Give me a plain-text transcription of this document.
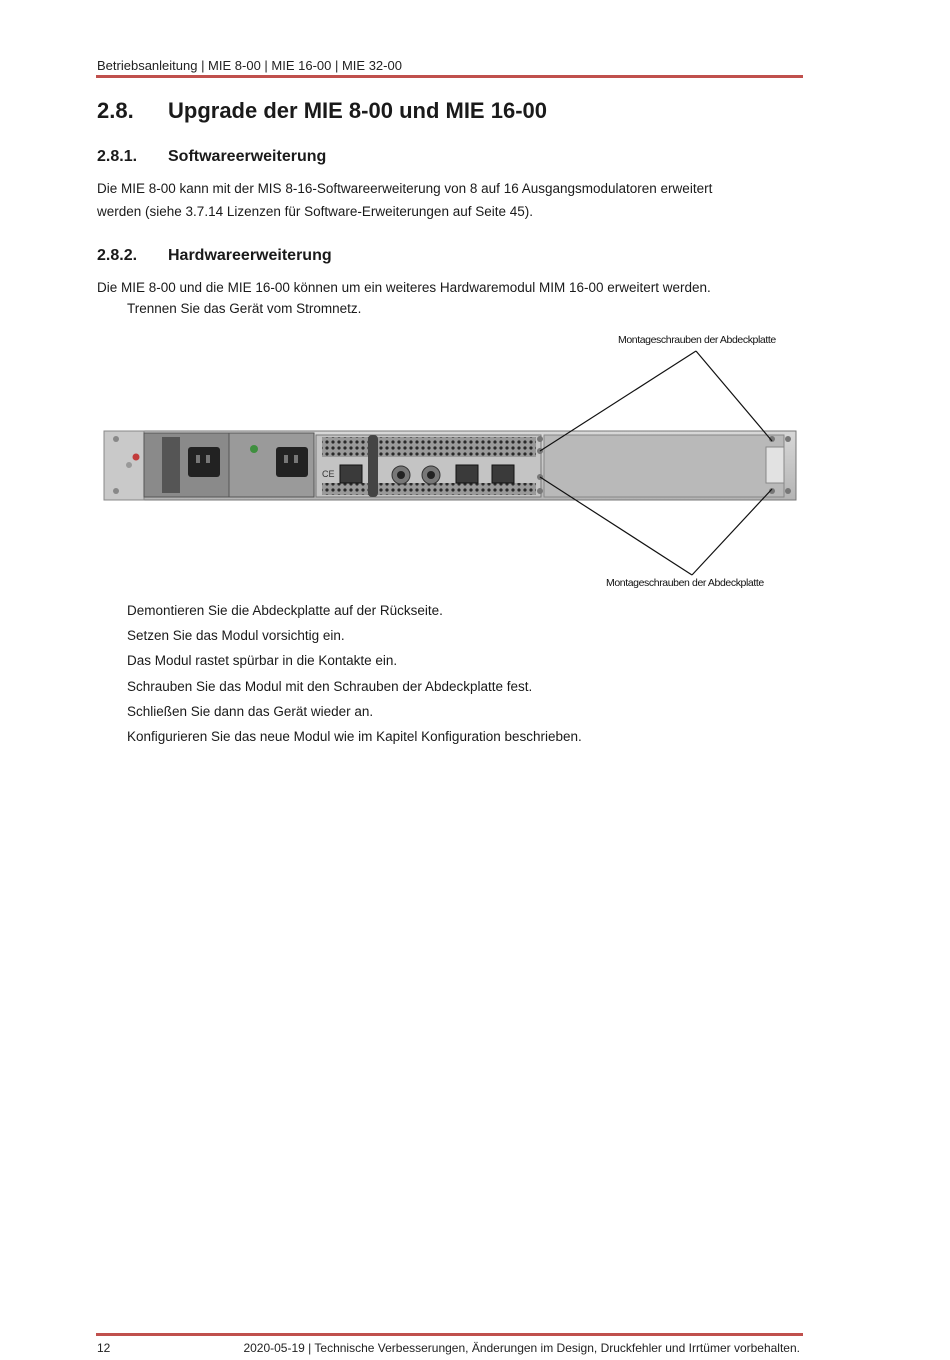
Betriebsanleitung | MIE 8-00 | MIE 16-00 | MIE 32-00
2.8. Upgrade der MIE 8-00 und MIE 16-00
2.8.1. Softwareerweiterung

Die MIE 8-00 kann mit der MIS 8-16-Softwareerweiterung von 8 auf 16 Ausgangsmodulatoren erweitert
werden (siehe 3.7.14 Lizenzen für Software-Erweiterungen auf Seite 45).

2.8.2. Hardwareerweiterung

Die MIE 8-00 und die MIE 16-00 können um ein weiteres Hardwaremodul MIM 16-00 erweitert werden.

Trennen Sie das Gerät vom Stromnetz.
CE
Montageschrauben der Abdeckplatte
Montageschrauben der Abdeckplatte
Demontieren Sie die Abdeckplatte auf der Rückseite.
Setzen Sie das Modul vorsichtig ein.
Das Modul rastet spürbar in die Kontakte ein.
Schrauben Sie das Modul mit den Schrauben der Abdeckplatte fest.
Schließen Sie dann das Gerät wieder an.
Konfigurieren Sie das neue Modul wie im Kapitel Konfiguration beschrieben.
12	2020-05-19 | Technische Verbesserungen, Änderungen im Design, Druckfehler und Irrtümer vorbehalten.
